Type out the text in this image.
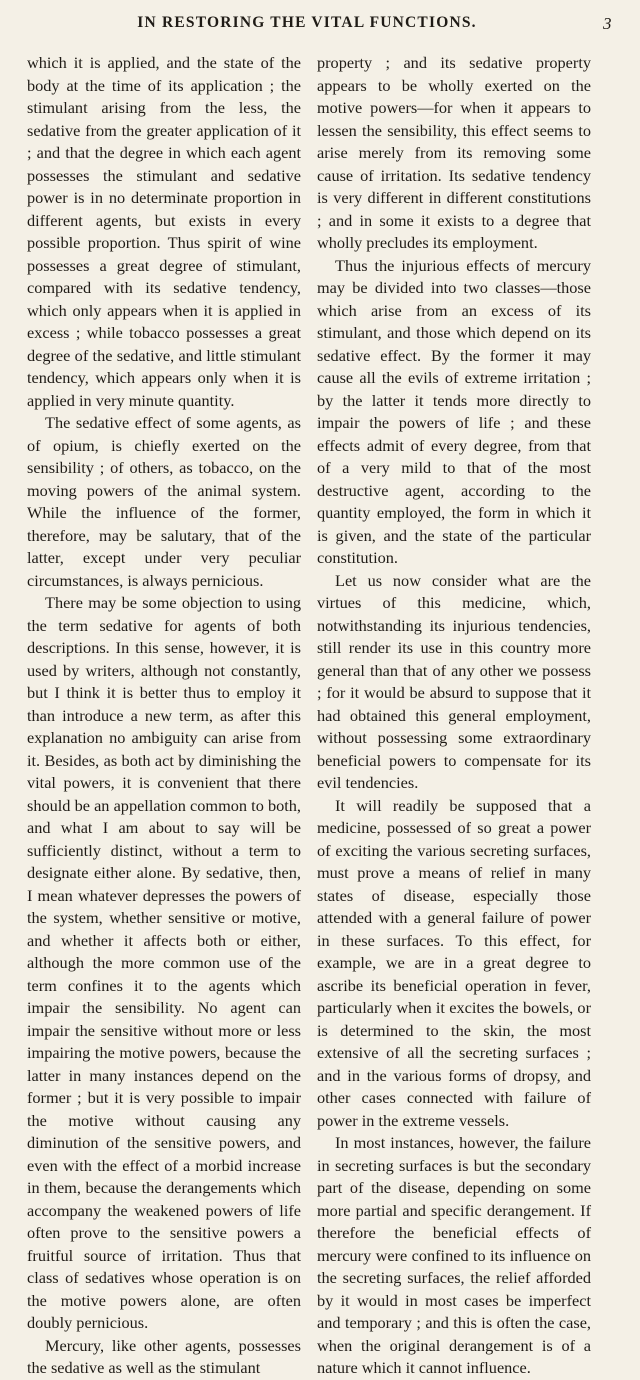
IN RESTORING THE VITAL FUNCTIONS.	3

which it is applied, and the state of the body at the time of its application ; the stimulant arising from the less, the sedative from the greater application of it ; and that the degree in which each agent possesses the stimulant and sedative power is in no determinate proportion in different agents, but exists in every possible proportion. Thus spirit of wine possesses a great degree of stimulant, compared with its sedative tendency, which only appears when it is applied in excess ; while tobacco possesses a great degree of the sedative, and little stimulant tendency, which appears only when it is applied in very minute quantity.

The sedative effect of some agents, as of opium, is chiefly exerted on the sensibility ; of others, as tobacco, on the moving powers of the animal system. While the influence of the former, therefore, may be salutary, that of the latter, except under very peculiar circumstances, is always pernicious.

There may be some objection to using the term sedative for agents of both descriptions. In this sense, however, it is used by writers, although not constantly, but I think it is better thus to employ it than introduce a new term, as after this explanation no ambiguity can arise from it. Besides, as both act by diminishing the vital powers, it is convenient that there should be an appellation common to both, and what I am about to say will be sufficiently distinct, without a term to designate either alone. By sedative, then, I mean whatever depresses the powers of the system, whether sensitive or motive, and whether it affects both or either, although the more common use of the term confines it to the agents which impair the sensibility. No agent can impair the sensitive without more or less impairing the motive powers, because the latter in many instances depend on the former ; but it is very possible to impair the motive without causing any diminution of the sensitive powers, and even with the effect of a morbid increase in them, because the derangements which accompany the weakened powers of life often prove to the sensitive powers a fruitful source of irritation. Thus that class of sedatives whose operation is on the motive powers alone, are often doubly pernicious.

Mercury, like other agents, possesses the sedative as well as the stimulant

property ; and its sedative property appears to be wholly exerted on the motive powers—for when it appears to lessen the sensibility, this effect seems to arise merely from its removing some cause of irritation. Its sedative tendency is very different in different constitutions ; and in some it exists to a degree that wholly precludes its employment.

Thus the injurious effects of mercury may be divided into two classes—those which arise from an excess of its stimulant, and those which depend on its sedative effect. By the former it may cause all the evils of extreme irritation ; by the latter it tends more directly to impair the powers of life ; and these effects admit of every degree, from that of a very mild to that of the most destructive agent, according to the quantity employed, the form in which it is given, and the state of the particular constitution.

Let us now consider what are the virtues of this medicine, which, notwithstanding its injurious tendencies, still render its use in this country more general than that of any other we possess ; for it would be absurd to suppose that it had obtained this general employment, without possessing some extraordinary beneficial powers to compensate for its evil tendencies.

It will readily be supposed that a medicine, possessed of so great a power of exciting the various secreting surfaces, must prove a means of relief in many states of disease, especially those attended with a general failure of power in these surfaces. To this effect, for example, we are in a great degree to ascribe its beneficial operation in fever, particularly when it excites the bowels, or is determined to the skin, the most extensive of all the secreting surfaces ; and in the various forms of dropsy, and other cases connected with failure of power in the extreme vessels.

In most instances, however, the failure in secreting surfaces is but the secondary part of the disease, depending on some more partial and specific derangement. If therefore the beneficial effects of mercury were confined to its influence on the secreting surfaces, the relief afforded by it would in most cases be imperfect and temporary ; and this is often the case, when the original derangement is of a nature which it cannot influence.
